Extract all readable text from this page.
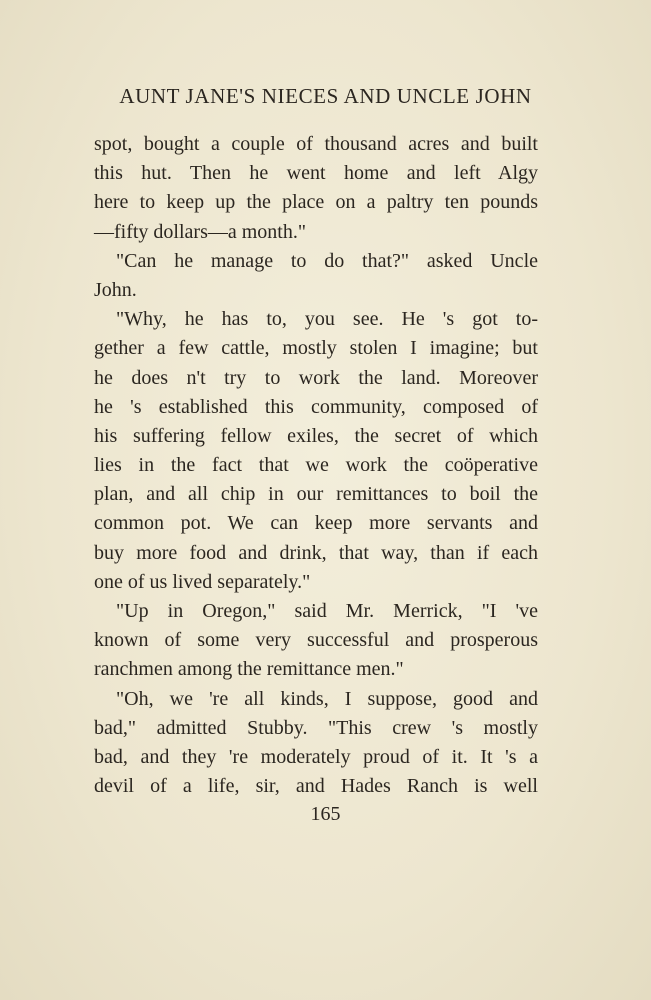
AUNT JANE'S NIECES AND UNCLE JOHN
spot, bought a couple of thousand acres and built
this hut. Then he went home and left Algy
here to keep up the place on a paltry ten pounds
—fifty dollars—a month."
"Can he manage to do that?" asked Uncle
John.
"Why, he has to, you see. He 's got to-
gether a few cattle, mostly stolen I imagine; but
he does n't try to work the land. Moreover
he 's established this community, composed of
his suffering fellow exiles, the secret of which
lies in the fact that we work the coöperative
plan, and all chip in our remittances to boil the
common pot. We can keep more servants and
buy more food and drink, that way, than if each
one of us lived separately."
"Up in Oregon," said Mr. Merrick, "I 've
known of some very successful and prosperous
ranchmen among the remittance men."
"Oh, we 're all kinds, I suppose, good and
bad," admitted Stubby. "This crew 's mostly
bad, and they 're moderately proud of it. It 's a
devil of a life, sir, and Hades Ranch is well
165
